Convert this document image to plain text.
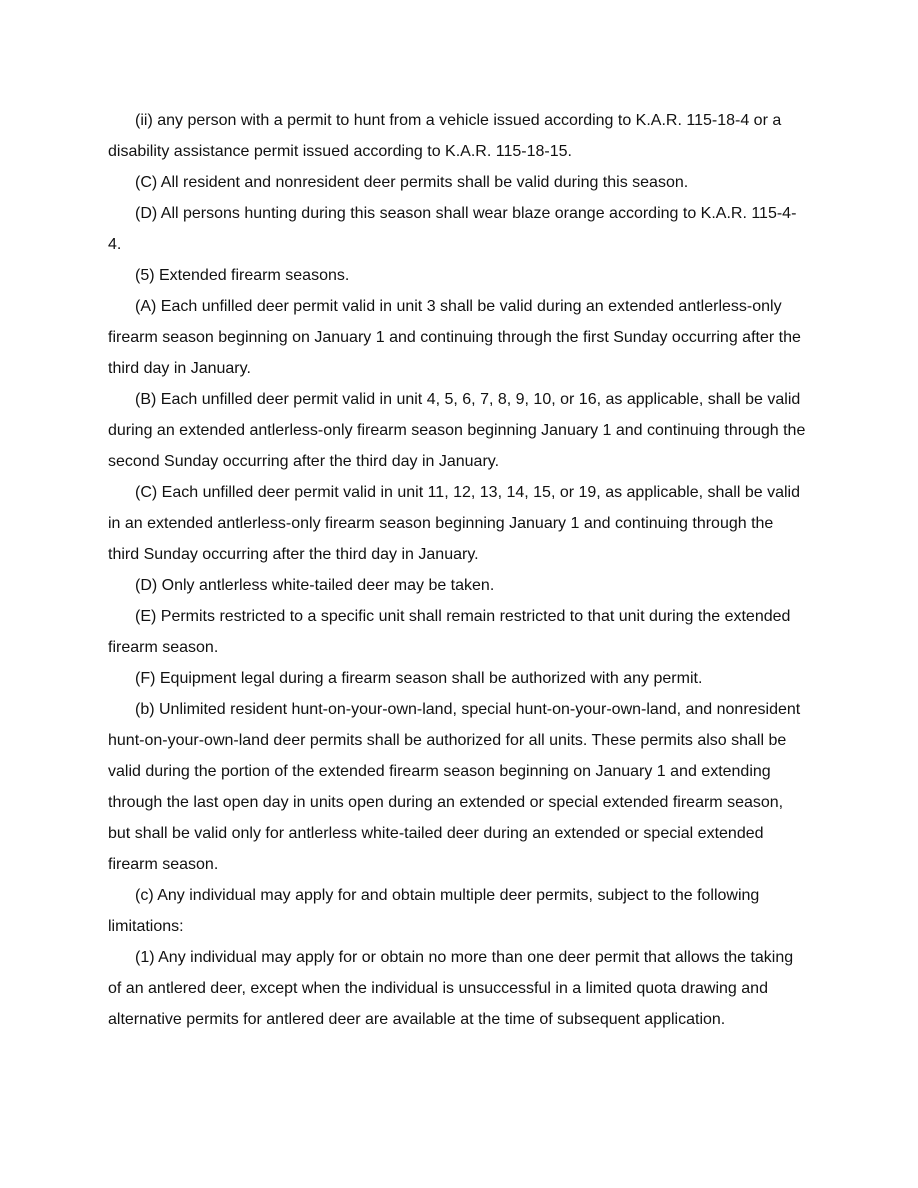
(ii) any person with a permit to hunt from a vehicle issued according to K.A.R. 115-18-4 or a disability assistance permit issued according to K.A.R. 115-18-15.

(C) All resident and nonresident deer permits shall be valid during this season.

(D) All persons hunting during this season shall wear blaze orange according to K.A.R. 115-4-4.

(5) Extended firearm seasons.

(A) Each unfilled deer permit valid in unit 3 shall be valid during an extended antlerless-only firearm season beginning on January 1 and continuing through the first Sunday occurring after the third day in January.

(B) Each unfilled deer permit valid in unit 4, 5, 6, 7, 8, 9, 10, or 16, as applicable, shall be valid during an extended antlerless-only firearm season beginning January 1 and continuing through the second Sunday occurring after the third day in January.

(C) Each unfilled deer permit valid in unit 11, 12, 13, 14, 15, or 19, as applicable, shall be valid in an extended antlerless-only firearm season beginning January 1 and continuing through the third Sunday occurring after the third day in January.

(D) Only antlerless white-tailed deer may be taken.

(E) Permits restricted to a specific unit shall remain restricted to that unit during the extended firearm season.

(F) Equipment legal during a firearm season shall be authorized with any permit.

(b) Unlimited resident hunt-on-your-own-land, special hunt-on-your-own-land, and nonresident hunt-on-your-own-land deer permits shall be authorized for all units. These permits also shall be valid during the portion of the extended firearm season beginning on January 1 and extending through the last open day in units open during an extended or special extended firearm season, but shall be valid only for antlerless white-tailed deer during an extended or special extended firearm season.

(c) Any individual may apply for and obtain multiple deer permits, subject to the following limitations:

(1) Any individual may apply for or obtain no more than one deer permit that allows the taking of an antlered deer, except when the individual is unsuccessful in a limited quota drawing and alternative permits for antlered deer are available at the time of subsequent application.
